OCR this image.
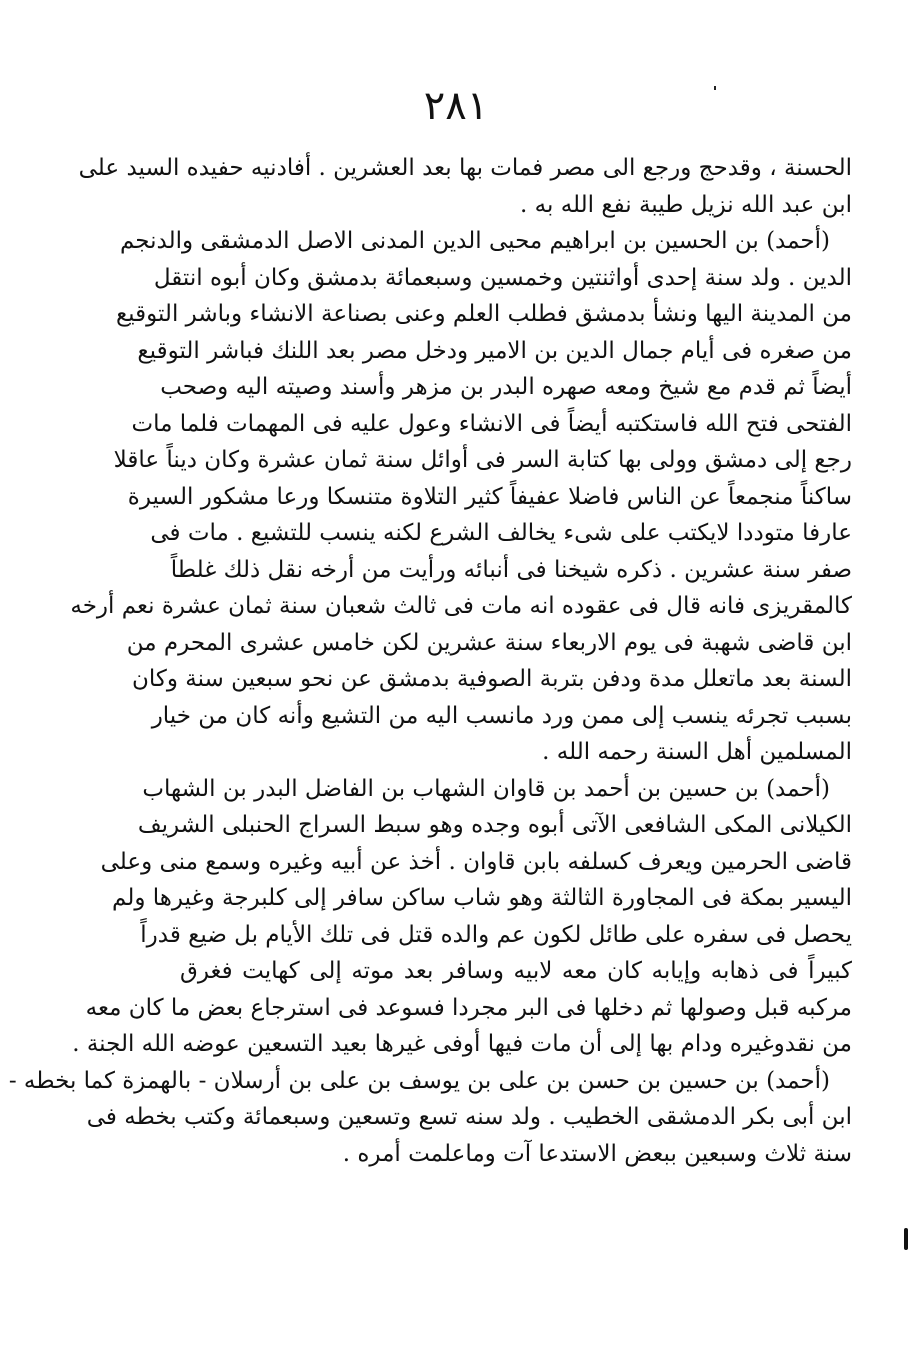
٢٨١
الحسنة ، وقدحج ورجع الى مصر فمات بها بعد العشرين . أفادنيه حفيده السيد على
ابن عبد الله نزيل طيبة نفع الله به .
(أحمد) بن الحسين بن ابراهيم محيى الدين المدنى الاصل الدمشقى والدنجم
الدين . ولد سنة إحدى أواثنتين وخمسين وسبعمائة بدمشق وكان أبوه انتقل
من المدينة اليها ونشأ بدمشق فطلب العلم وعنى بصناعة الانشاء وباشر التوقيع
من صغره فى أيام جمال الدين بن الامير ودخل مصر بعد اللنك فباشر التوقيع
أيضاً ثم قدم مع شيخ ومعه صهره البدر بن مزهر وأسند وصيته اليه وصحب
الفتحى فتح الله فاستكتبه أيضاً فى الانشاء وعول عليه فى المهمات فلما مات
رجع إلى دمشق وولى بها كتابة السر فى أوائل سنة ثمان عشرة وكان ديناً عاقلا
ساكناً منجمعاً عن الناس فاضلا عفيفاً كثير التلاوة متنسكا ورعا مشكور السيرة
عارفا متوددا لايكتب على شىء يخالف الشرع لكنه ينسب للتشيع . مات فى
صفر سنة عشرين . ذكره شيخنا فى أنبائه ورأيت من أرخه نقل ذلك غلطاً
كالمقريزى فانه قال فى عقوده انه مات فى ثالث شعبان سنة ثمان عشرة نعم أرخه
ابن قاضى شهبة فى يوم الاربعاء سنة عشرين لكن خامس عشرى المحرم من
السنة بعد ماتعلل مدة ودفن بتربة الصوفية بدمشق عن نحو سبعين سنة وكان
بسبب تجرئه ينسب إلى ممن ورد مانسب اليه من التشيع وأنه كان من خيار
المسلمين أهل السنة رحمه الله .
(أحمد) بن حسين بن أحمد بن قاوان الشهاب بن الفاضل البدر بن الشهاب
الكيلانى المكى الشافعى الآتى أبوه وجده وهو سبط السراج الحنبلى الشريف
قاضى الحرمين ويعرف كسلفه بابن قاوان . أخذ عن أبيه وغيره وسمع منى وعلى
اليسير بمكة فى المجاورة الثالثة وهو شاب ساكن سافر إلى كلبرجة وغيرها ولم
يحصل فى سفره على طائل لكون عم والده قتل فى تلك الأيام بل ضيع قدراً
كبيراً فى ذهابه وإيابه كان معه لابيه وسافر بعد موته إلى كهايت فغرق
مركبه قبل وصولها ثم دخلها فى البر مجردا فسوعد فى استرجاع بعض ما كان معه
من نقدوغيره ودام بها إلى أن مات فيها أوفى غيرها بعيد التسعين عوضه الله الجنة .
(أحمد) بن حسين بن حسن بن على بن يوسف بن على بن أرسلان - بالهمزة كما بخطه -
ابن أبى بكر الدمشقى الخطيب . ولد سنه تسع وتسعين وسبعمائة وكتب بخطه فى
سنة ثلاث وسبعين ببعض الاستدعا آت وماعلمت أمره .
